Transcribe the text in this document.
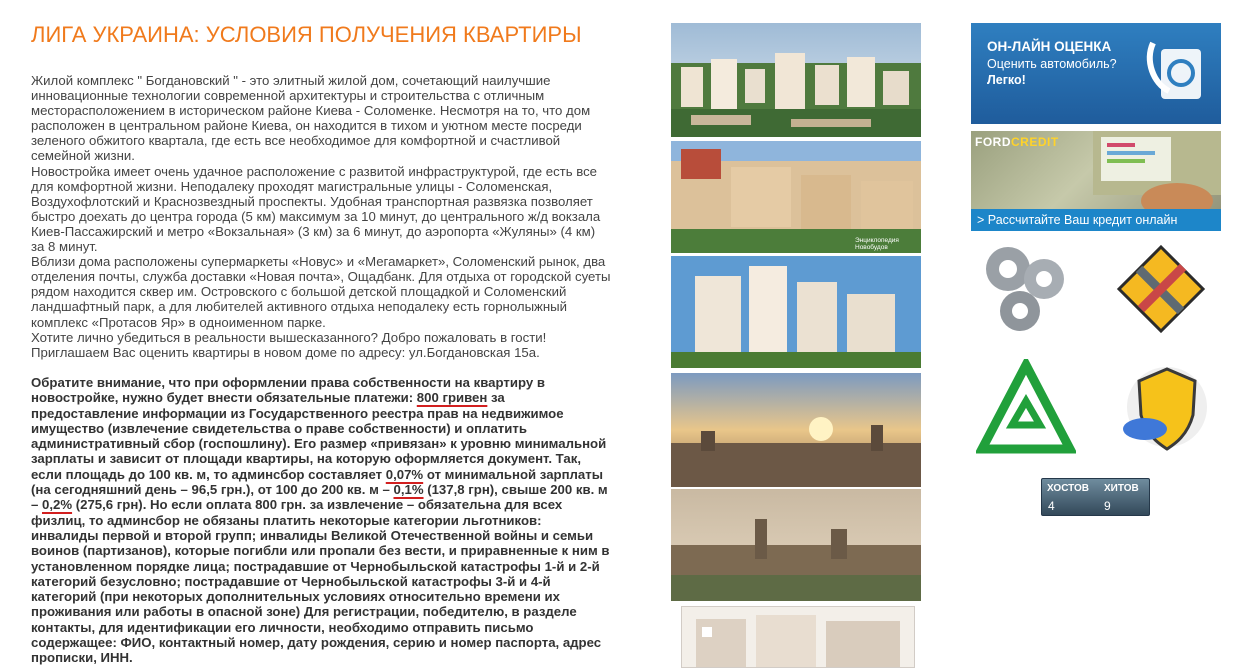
ЛИГА УКРАИНА: УСЛОВИЯ ПОЛУЧЕНИЯ КВАРТИРЫ

Жилой комплекс " Богдановский " - это элитный жилой дом, сочетающий наилучшие инновационные технологии современной архитектуры и строительства с отличным месторасположением в историческом районе Киева - Соломенке. Несмотря на то, что дом расположен в центральном районе Киева, он находится в тихом и уютном месте посреди зеленого обжитого квартала, где есть все необходимое для комфортной и счастливой семейной жизни.

Новостройка имеет очень удачное расположение с развитой инфраструктурой, где есть все для комфортной жизни. Неподалеку проходят магистральные улицы - Соломенская, Воздухофлотский и Краснозвездный проспекты. Удобная транспортная развязка позволяет быстро доехать до центра города (5 км) максимум за 10 минут, до центрального ж/д вокзала Киев-Пассажирский и метро «Вокзальная» (3 км) за 6 минут, до аэропорта «Жуляны» (4 км) за 8 минут.

Вблизи дома расположены супермаркеты «Новус» и «Мегамаркет», Соломенский рынок, два отделения почты, служба доставки «Новая почта», Ощадбанк. Для отдыха от городской суеты рядом находится сквер им. Островского с большой детской площадкой и Соломенский ландшафтный парк, а для любителей активного отдыха неподалеку есть горнолыжный комплекс «Протасов Яр» в одноименном парке.

Хотите лично убедиться в реальности вышесказанного? Добро пожаловать в гости! Приглашаем Вас оценить квартиры в новом доме по адресу: ул.Богдановская 15а.

Обратите внимание, что при оформлении права собственности на квартиру в новостройке, нужно будет внести обязательные платежи: 800 гривен за предоставление информации из Государственного реестра прав на недвижимое имущество (извлечение свидетельства о праве собственности) и оплатить административный сбор (госпошлину). Его размер «привязан» к уровню минимальной зарплаты и зависит от площади квартиры, на которую оформляется документ. Так, если площадь до 100 кв. м, то админсбор составляет 0,07% от минимальной зарплаты (на сегодняшний день – 96,5 грн.), от 100 до 200 кв. м – 0,1% (137,8 грн), свыше 200 кв. м – 0,2% (275,6 грн). Но если оплата 800 грн. за извлечение – обязательна для всех физлиц, то админсбор не обязаны платить некоторые категории льготников: инвалиды первой и второй групп; инвалиды Великой Отечественной войны и семьи воинов (партизанов), которые погибли или пропали без вести, и приравненные к ним в установленном порядке лица; пострадавшие от Чернобыльской катастрофы 1-й и 2-й категорий безусловно; пострадавшие от Чернобыльской катастрофы 3-й и 4-й категорий (при некоторых дополнительных условиях относительно времени их проживания или работы в опасной зоне) Для регистрации, победителю, в разделе контакты, для идентификации его личности, необходимо отправить письмо содержащее: ФИО, контактный номер, дату рождения, серию и номер паспорта, адрес прописки, ИНН.
Энциклопедия Новобудов
ОН-ЛАЙН ОЦЕНКА
Оценить автомобиль?
Легко!
FORDCREDIT
> Рассчитайте Ваш кредит онлайн
ХОСТОВ ХИТОВ
4	9
